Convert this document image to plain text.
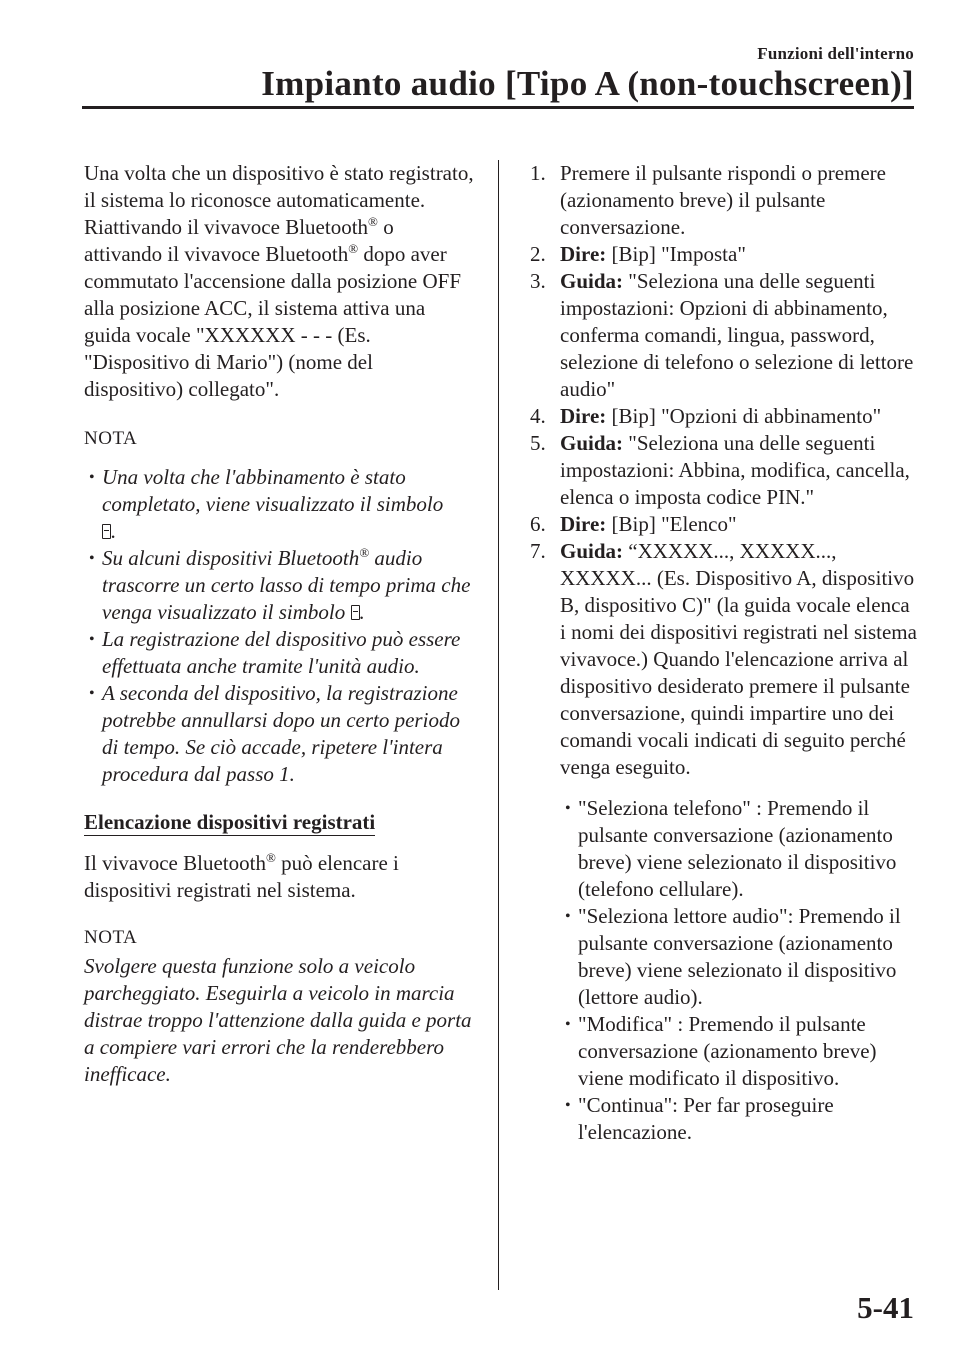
Funzioni dell'interno
Impianto audio [Tipo A (non-touchscreen)]

Una volta che un dispositivo è stato registrato, il sistema lo riconosce automaticamente. Riattivando il vivavoce Bluetooth® o attivando il vivavoce Bluetooth® dopo aver commutato l'accensione dalla posizione OFF alla posizione ACC, il sistema attiva una guida vocale "XXXXXX - - - (Es. "Dispositivo di Mario") (nome del dispositivo) collegato".

NOTA
• Una volta che l'abbinamento è stato completato, viene visualizzato il simbolo
.
• Su alcuni dispositivi Bluetooth® audio trascorre un certo lasso di tempo prima che venga visualizzato il simbolo .
• La registrazione del dispositivo può essere effettuata anche tramite l'unità audio.
• A seconda del dispositivo, la registrazione potrebbe annullarsi dopo un certo periodo di tempo. Se ciò accade, ripetere l'intera procedura dal passo 1.
Elencazione dispositivi registrati

Il vivavoce Bluetooth® può elencare i dispositivi registrati nel sistema.

NOTA

Svolgere questa funzione solo a veicolo parcheggiato. Eseguirla a veicolo in marcia distrae troppo l'attenzione dalla guida e porta a compiere vari errori che la renderebbero inefficace.

1. Premere il pulsante rispondi o premere (azionamento breve) il pulsante conversazione.
2. Dire: [Bip] "Imposta"
3. Guida: "Seleziona una delle seguenti impostazioni: Opzioni di abbinamento, conferma comandi, lingua, password, selezione di telefono o selezione di lettore audio"
4. Dire: [Bip] "Opzioni di abbinamento"
5. Guida: "Seleziona una delle seguenti impostazioni: Abbina, modifica, cancella, elenca o imposta codice PIN."
6. Dire: [Bip] "Elenco"
7. Guida: “XXXXX..., XXXXX..., XXXXX... (Es. Dispositivo A, dispositivo B, dispositivo C)" (la guida vocale elenca i nomi dei dispositivi registrati nel sistema vivavoce.) Quando l'elencazione arriva al dispositivo desiderato premere il pulsante conversazione, quindi impartire uno dei comandi vocali indicati di seguito perché venga eseguito.
• "Seleziona telefono" : Premendo il pulsante conversazione (azionamento breve) viene selezionato il dispositivo (telefono cellulare).
• "Seleziona lettore audio": Premendo il pulsante conversazione (azionamento breve) viene selezionato il dispositivo (lettore audio).
• "Modifica" : Premendo il pulsante conversazione (azionamento breve) viene modificato il dispositivo.
• "Continua": Per far proseguire l'elencazione.
5-41
